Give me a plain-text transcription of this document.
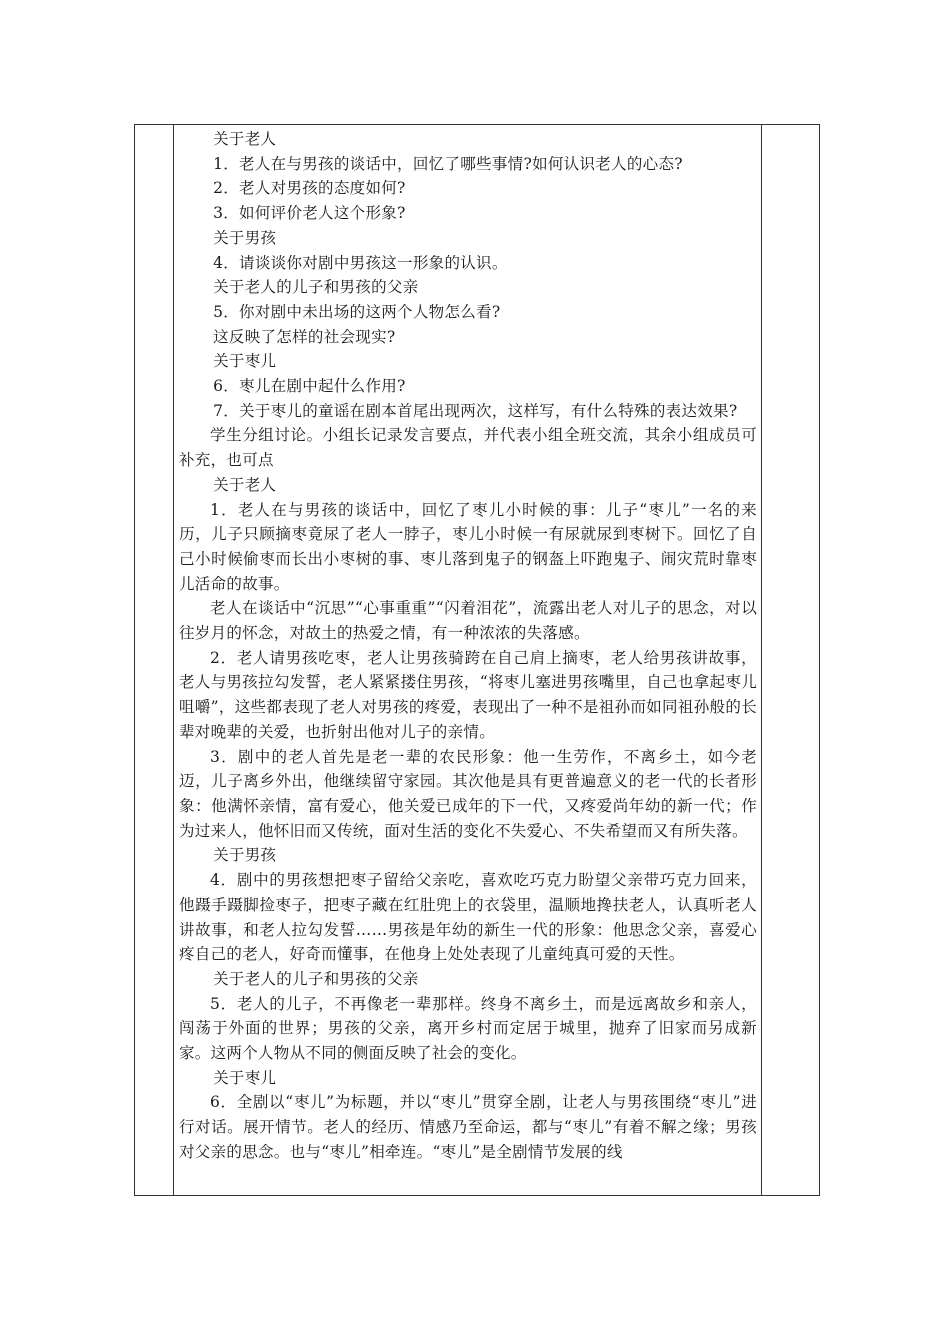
关于老人

1．老人在与男孩的谈话中，回忆了哪些事情?如何认识老人的心态?

2．老人对男孩的态度如何?

3．如何评价老人这个形象?

关于男孩

4．请谈谈你对剧中男孩这一形象的认识。

关于老人的儿子和男孩的父亲

5．你对剧中未出场的这两个人物怎么看?

这反映了怎样的社会现实?

关于枣儿

6．枣儿在剧中起什么作用?

7．关于枣儿的童谣在剧本首尾出现两次，这样写，有什么特殊的表达效果?

学生分组讨论。小组长记录发言要点，并代表小组全班交流，其余小组成员可补充，也可点

关于老人

1．老人在与男孩的谈话中，回忆了枣儿小时候的事：儿子“枣儿”一名的来历，儿子只顾摘枣竟尿了老人一脖子，枣儿小时候一有尿就尿到枣树下。回忆了自己小时候偷枣而长出小枣树的事、枣儿落到鬼子的钢盔上吓跑鬼子、闹灾荒时靠枣儿活命的故事。

老人在谈话中“沉思”“心事重重”“闪着泪花”，流露出老人对儿子的思念，对以往岁月的怀念，对故土的热爱之情，有一种浓浓的失落感。

2．老人请男孩吃枣，老人让男孩骑跨在自己肩上摘枣，老人给男孩讲故事，老人与男孩拉勾发誓，老人紧紧搂住男孩，“将枣儿塞进男孩嘴里，自己也拿起枣儿咀嚼”，这些都表现了老人对男孩的疼爱，表现出了一种不是祖孙而如同祖孙般的长辈对晚辈的关爱，也折射出他对儿子的亲情。

3．剧中的老人首先是老一辈的农民形象：他一生劳作，不离乡土，如今老迈，儿子离乡外出，他继续留守家园。其次他是具有更普遍意义的老一代的长者形象：他满怀亲情，富有爱心，他关爱已成年的下一代，又疼爱尚年幼的新一代；作为过来人，他怀旧而又传统，面对生活的变化不失爱心、不失希望而又有所失落。

关于男孩

4．剧中的男孩想把枣子留给父亲吃，喜欢吃巧克力盼望父亲带巧克力回来，他蹑手蹑脚捡枣子，把枣子藏在红肚兜上的衣袋里，温顺地搀扶老人，认真听老人讲故事，和老人拉勾发誓……男孩是年幼的新生一代的形象：他思念父亲，喜爱心疼自己的老人，好奇而懂事，在他身上处处表现了儿童纯真可爱的天性。

关于老人的儿子和男孩的父亲

5．老人的儿子，不再像老一辈那样。终身不离乡土，而是远离故乡和亲人，闯荡于外面的世界；男孩的父亲，离开乡村而定居于城里，抛弃了旧家而另成新家。这两个人物从不同的侧面反映了社会的变化。

关于枣儿

6．全剧以“枣儿”为标题，并以“枣儿”贯穿全剧，让老人与男孩围绕“枣儿”进行对话。展开情节。老人的经历、情感乃至命运，都与“枣儿”有着不解之缘；男孩对父亲的思念。也与“枣儿”相牵连。“枣儿”是全剧情节发展的线
